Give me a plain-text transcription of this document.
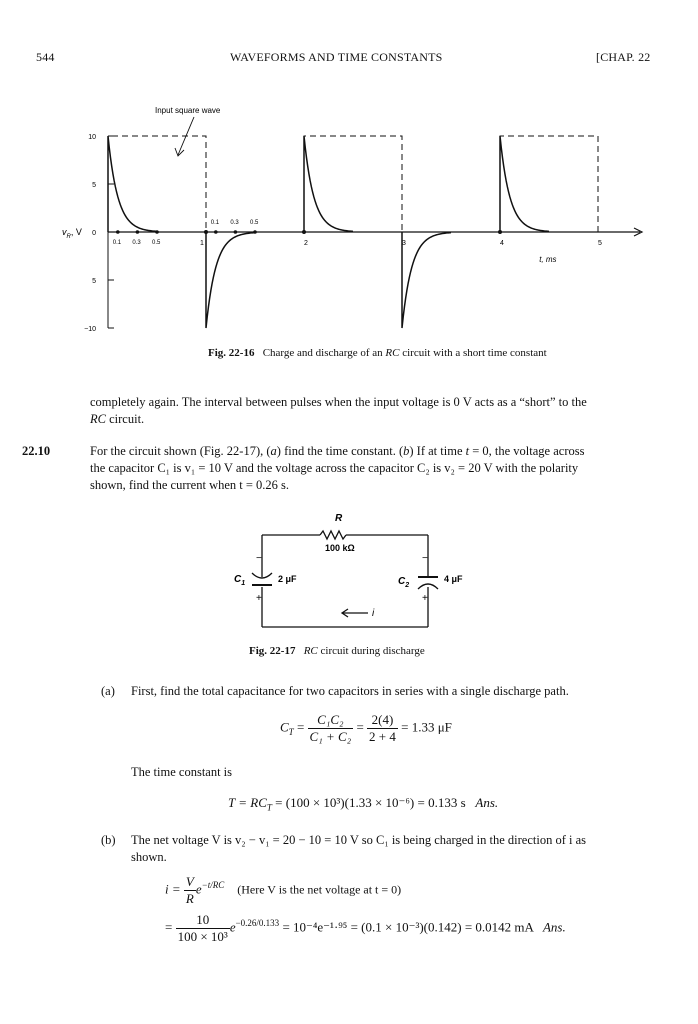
544	WAVEFORMS AND TIME CONSTANTS	[CHAP. 22
10
5
0
5
−10
1	2	3	4	5
$v_R$, V
t, ms
0.1 0.3 0.5
0.1 0.3 0.5
Input square wave
Fig. 22-16 Charge and discharge of an RC circuit with a short time constant
completely again. The interval between pulses when the input voltage is 0 V acts as a “short” to the
RC circuit.
22.10	For the circuit shown (Fig. 22-17), (a) find the time constant. (b) If at time t = 0, the voltage across
the capacitor C₁ is v₁ = 10 V and the voltage across the capacitor C₂ is v₂ = 20 V with the polarity
shown, find the current when t = 0.26 s.
R
100 kΩ
−
+
$C_1$	2 μF
−
+
$C_2$
4 μF
i
Fig. 22-17 RC circuit during discharge
(a) First, find the total capacitance for two capacitors in series with a single discharge path.
$C_T = \frac{\text{C₁C₂}}{\text{C₁ + C₂}} = \frac{2(4)}{2 + 4} = 1.33$ μF
The time constant is
$T = RC_T = (100 \times 10^3)(1.33 \times 10^{-6}) = 0.133$ s Ans.
(b) The net voltage V is v₂ − v₁ = 20 − 10 = 10 V so C₁ is being charged in the direction of i as
shown.
$i = \frac{V}{R} e^{-t/RC}$ (Here V is the net voltage at t = 0)
= $\frac{10}{\text{100 × 10³}} e^{-0.26/0.133} = 10^{-4}e^{-1}\cdot^{95} = (0.1 \times 10^{-3})(0.142) = 0.0142$ mA Ans.
